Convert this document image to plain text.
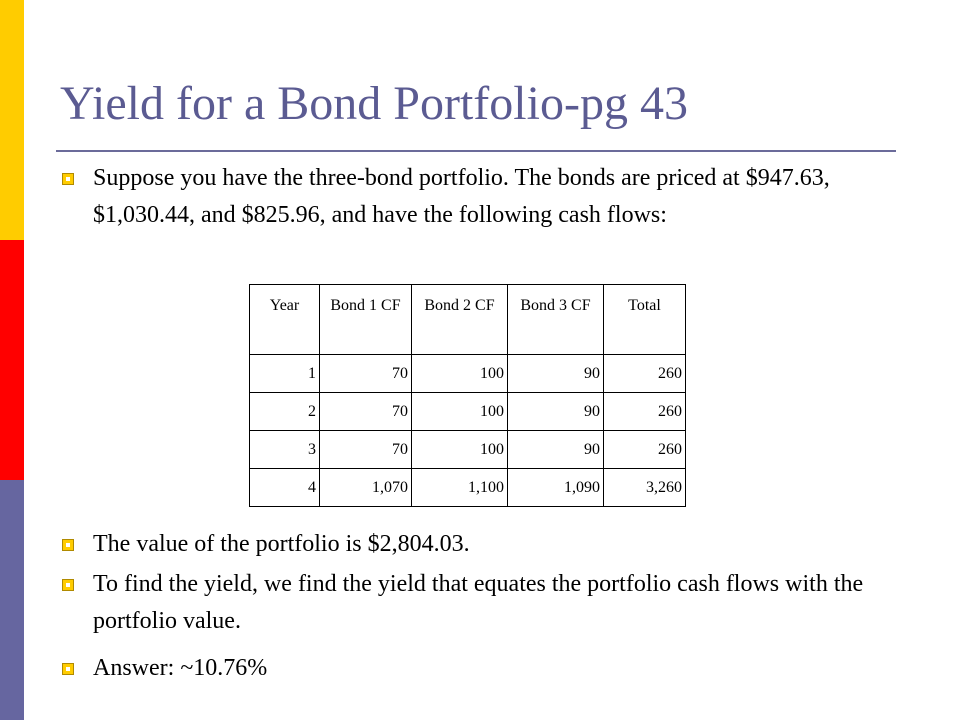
Yield for a Bond Portfolio-pg 43
Suppose you have the three-bond portfolio. The bonds are priced at $947.63, $1,030.44, and $825.96, and have the following cash flows:
Year	Bond 1 CF	Bond 2 CF	Bond 3 CF	Total
1	70	100	90	260
2	70	100	90	260
3	70	100	90	260
4	1,070	1,100	1,090	3,260
The value of the portfolio is $2,804.03.
To find the yield, we find the yield that equates the portfolio cash flows with the portfolio value.
Answer: ~10.76%
